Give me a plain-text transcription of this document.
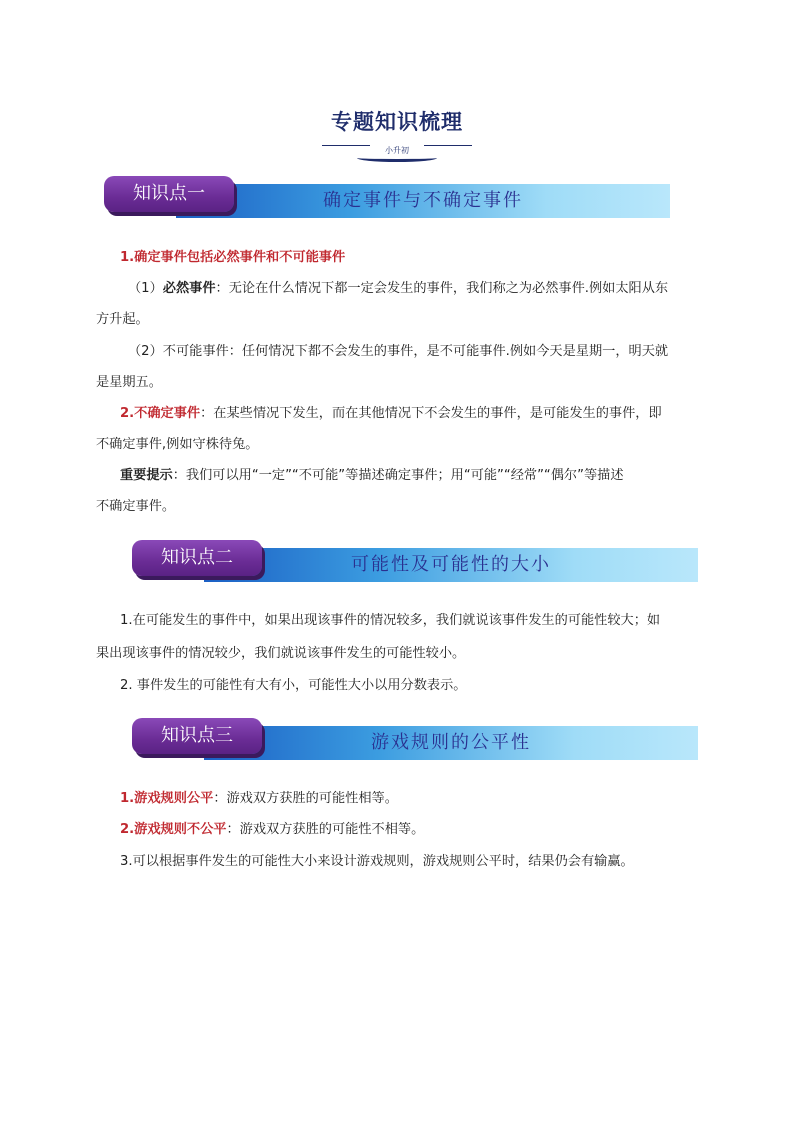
专题知识梳理
小升初
确定事件与不确定事件
知识点一
1.确定事件包括必然事件和不可能事件
（1）必然事件：无论在什么情况下都一定会发生的事件，我们称之为必然事件.例如太阳从东
方升起。
（2）不可能事件：任何情况下都不会发生的事件，是不可能事件.例如今天是星期一，明天就
是星期五。
2.不确定事件：在某些情况下发生，而在其他情况下不会发生的事件，是可能发生的事件，即
不确定事件,例如守株待兔。
重要提示：我们可以用“一定”“不可能”等描述确定事件；用“可能”“经常”“偶尔”等描述
不确定事件。
可能性及可能性的大小
知识点二
1.在可能发生的事件中，如果出现该事件的情况较多，我们就说该事件发生的可能性较大；如
果出现该事件的情况较少，我们就说该事件发生的可能性较小。
2. 事件发生的可能性有大有小，可能性大小以用分数表示。
游戏规则的公平性
知识点三
1.游戏规则公平：游戏双方获胜的可能性相等。
2.游戏规则不公平：游戏双方获胜的可能性不相等。
3.可以根据事件发生的可能性大小来设计游戏规则，游戏规则公平时，结果仍会有输赢。
